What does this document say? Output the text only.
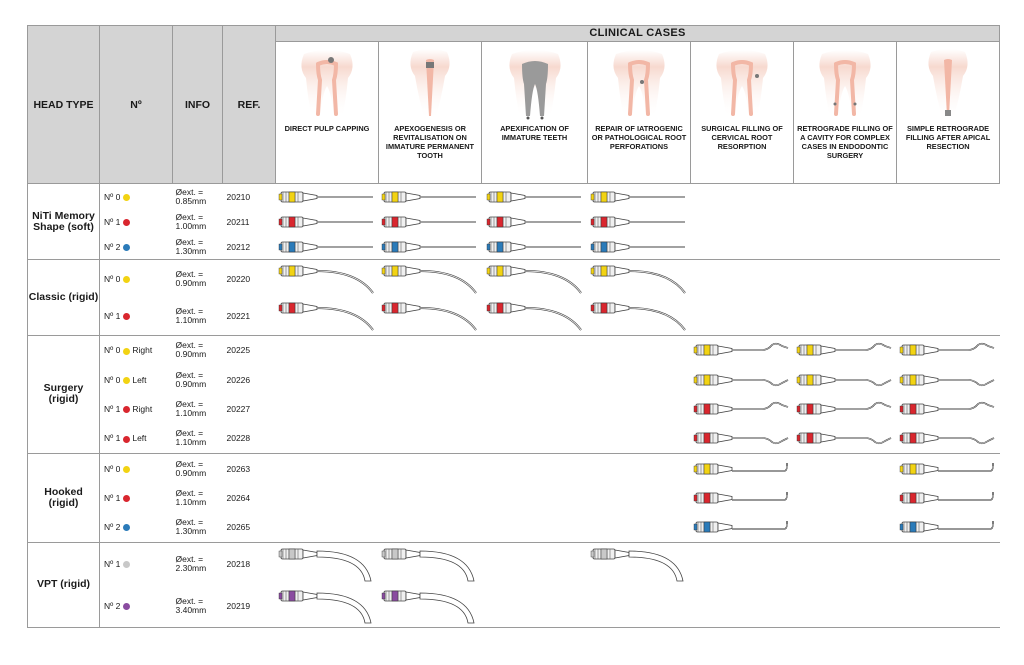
HEAD TYPE	Nº	INFO	REF.	CLINICAL CASES						

				DIRECT PULP CAPPING	APEXOGENESIS OR REVITALISATION ON IMMATURE PERMANENT TOOTH	APEXIFICATION OF IMMATURE TEETH	REPAIR OF IATROGENIC OR PATHOLOGICAL ROOT PERFORATIONS	SURGICAL FILLING OF CERVICAL ROOT RESORPTION	RETROGRADE FILLING OF A CAVITY FOR COMPLEX CASES IN ENDODONTIC SURGERY	SIMPLE RETROGRADE FILLING AFTER APICAL RESECTION

NiTi Memory Shape (soft)	Nº 0	Øext. = 0.85mm	20210	

	Nº 1	Øext. = 1.00mm	20211	

	Nº 2	Øext. = 1.30mm	20212	

Classic (rigid)	Nº 0	Øext. = 0.90mm	20220	

	Nº 1	Øext. = 1.10mm	20221	

Surgery (rigid)	Nº 0 Right	Øext. = 0.90mm	20225					

	Nº 0 Left	Øext. = 0.90mm	20226					

	Nº 1 Right	Øext. = 1.10mm	20227					

	Nº 1 Left	Øext. = 1.10mm	20228					

Hooked (rigid)	Nº 0	Øext. = 0.90mm	20263					

	Nº 1	Øext. = 1.10mm	20264					

	Nº 2	Øext. = 1.30mm	20265					

VPT (rigid)	Nº 1	Øext. = 2.30mm	20218	

	Nº 2	Øext. = 3.40mm	20219	
